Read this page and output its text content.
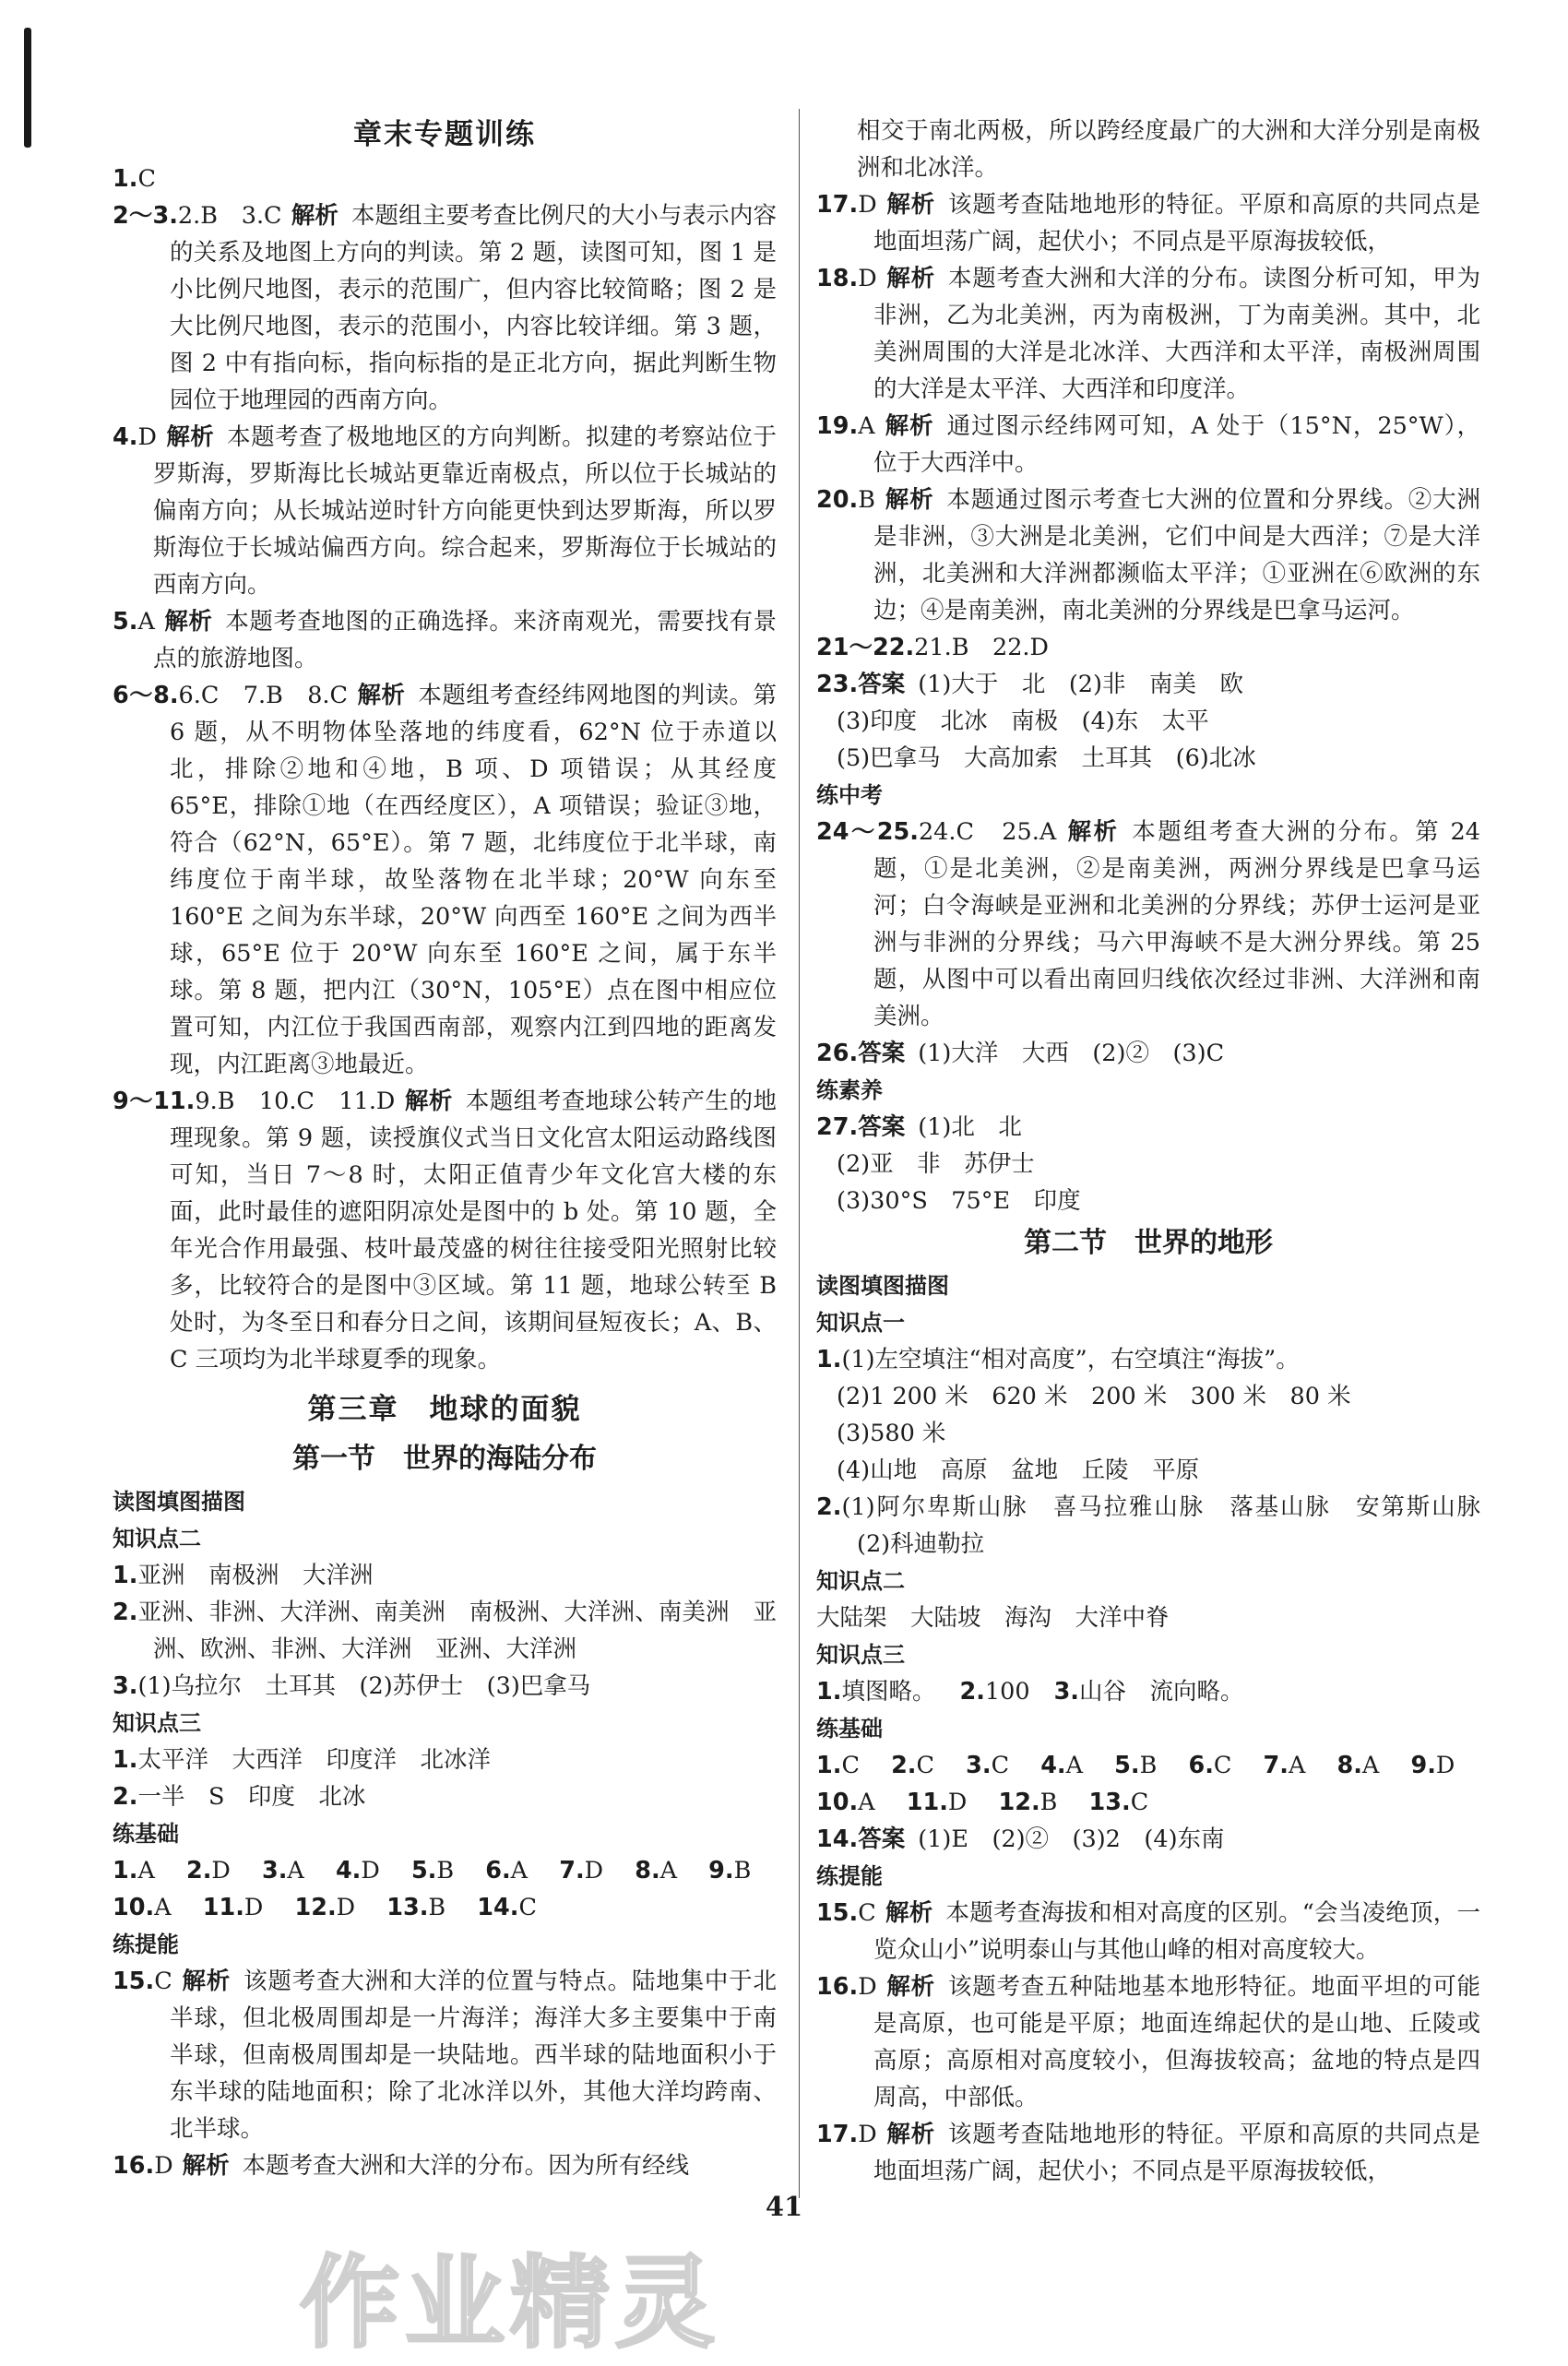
章末专题训练

1.C

2～3.2.B　3.C 解析 本题组主要考查比例尺的大小与表示内容的关系及地图上方向的判读。第 2 题，读图可知，图 1 是小比例尺地图，表示的范围广，但内容比较简略；图 2 是大比例尺地图，表示的范围小，内容比较详细。第 3 题，图 2 中有指向标，指向标指的是正北方向，据此判断生物园位于地理园的西南方向。

4.D 解析 本题考查了极地地区的方向判断。拟建的考察站位于罗斯海，罗斯海比长城站更靠近南极点，所以位于长城站的偏南方向；从长城站逆时针方向能更快到达罗斯海，所以罗斯海位于长城站偏西方向。综合起来，罗斯海位于长城站的西南方向。

5.A 解析 本题考查地图的正确选择。来济南观光，需要找有景点的旅游地图。

6～8.6.C　7.B　8.C 解析 本题组考查经纬网地图的判读。第 6 题，从不明物体坠落地的纬度看，62°N 位于赤道以北，排除②地和④地，B 项、D 项错误；从其经度 65°E，排除①地（在西经度区），A 项错误；验证③地，符合（62°N，65°E）。第 7 题，北纬度位于北半球，南纬度位于南半球，故坠落物在北半球；20°W 向东至 160°E 之间为东半球，20°W 向西至 160°E 之间为西半球，65°E 位于 20°W 向东至 160°E 之间，属于东半球。第 8 题，把内江（30°N，105°E）点在图中相应位置可知，内江位于我国西南部，观察内江到四地的距离发现，内江距离③地最近。

9～11.9.B　10.C　11.D 解析 本题组考查地球公转产生的地理现象。第 9 题，读授旗仪式当日文化宫太阳运动路线图可知，当日 7～8 时，太阳正值青少年文化宫大楼的东面，此时最佳的遮阳阴凉处是图中的 b 处。第 10 题，全年光合作用最强、枝叶最茂盛的树往往接受阳光照射比较多，比较符合的是图中③区域。第 11 题，地球公转至 B 处时，为冬至日和春分日之间，该期间昼短夜长；A、B、C 三项均为北半球夏季的现象。

第三章　地球的面貌

第一节　世界的海陆分布

读图填图描图

知识点二

1.亚洲　南极洲　大洋洲

2.亚洲、非洲、大洋洲、南美洲　南极洲、大洋洲、南美洲　亚洲、欧洲、非洲、大洋洲　亚洲、大洋洲

3.(1)乌拉尔　土耳其　(2)苏伊士　(3)巴拿马

知识点三

1.太平洋　大西洋　印度洋　北冰洋

2.一半　S　印度　北冰

练基础

1.A 2.D 3.A 4.D 5.B 6.A 7.D 8.A 9.B

10.A 11.D 12.D 13.B 14.C

练提能

15.C 解析 该题考查大洲和大洋的位置与特点。陆地集中于北半球，但北极周围却是一片海洋；海洋大多主要集中于南半球，但南极周围却是一块陆地。西半球的陆地面积小于东半球的陆地面积；除了北冰洋以外，其他大洋均跨南、北半球。

16.D 解析 本题考查大洲和大洋的分布。因为所有经线

相交于南北两极，所以跨经度最广的大洲和大洋分别是南极洲和北冰洋。

17.D 解析 该题考查陆地地形的特征。平原和高原的共同点是地面坦荡广阔，起伏小；不同点是平原海拔较低，

18.D 解析 本题考查大洲和大洋的分布。读图分析可知，甲为非洲，乙为北美洲，丙为南极洲，丁为南美洲。其中，北美洲周围的大洋是北冰洋、大西洋和太平洋，南极洲周围的大洋是太平洋、大西洋和印度洋。

19.A 解析 通过图示经纬网可知，A 处于（15°N，25°W），位于大西洋中。

20.B 解析 本题通过图示考查七大洲的位置和分界线。②大洲是非洲，③大洲是北美洲，它们中间是大西洋；⑦是大洋洲，北美洲和大洋洲都濒临太平洋；①亚洲在⑥欧洲的东边；④是南美洲，南北美洲的分界线是巴拿马运河。

21～22.21.B　22.D

23.答案 (1)大于　北　(2)非　南美　欧

(3)印度　北冰　南极　(4)东　太平

(5)巴拿马　大高加索　土耳其　(6)北冰

练中考

24～25.24.C　25.A 解析 本题组考查大洲的分布。第 24 题，①是北美洲，②是南美洲，两洲分界线是巴拿马运河；白令海峡是亚洲和北美洲的分界线；苏伊士运河是亚洲与非洲的分界线；马六甲海峡不是大洲分界线。第 25 题，从图中可以看出南回归线依次经过非洲、大洋洲和南美洲。

26.答案 (1)大洋　大西　(2)②　(3)C

练素养

27.答案 (1)北　北

(2)亚　非　苏伊士

(3)30°S　75°E　印度

第二节　世界的地形

读图填图描图

知识点一

1.(1)左空填注“相对高度”，右空填注“海拔”。

(2)1 200 米　620 米　200 米　300 米　80 米

(3)580 米

(4)山地　高原　盆地　丘陵　平原

2.(1)阿尔卑斯山脉　喜马拉雅山脉　落基山脉　安第斯山脉　(2)科迪勒拉

知识点二

大陆架　大陆坡　海沟　大洋中脊

知识点三

1.填图略。 2.100 3.山谷　流向略。

练基础

1.C 2.C 3.C 4.A 5.B 6.C 7.A 8.A 9.D

10.A 11.D 12.B 13.C

14.答案 (1)E　(2)②　(3)2　(4)东南

练提能

15.C 解析 本题考查海拔和相对高度的区别。“会当凌绝顶，一览众山小”说明泰山与其他山峰的相对高度较大。

16.D 解析 该题考查五种陆地基本地形特征。地面平坦的可能是高原，也可能是平原；地面连绵起伏的是山地、丘陵或高原；高原相对高度较小，但海拔较高；盆地的特点是四周高，中部低。

17.D 解析 该题考查陆地地形的特征。平原和高原的共同点是地面坦荡广阔，起伏小；不同点是平原海拔较低，

41
作业精灵
